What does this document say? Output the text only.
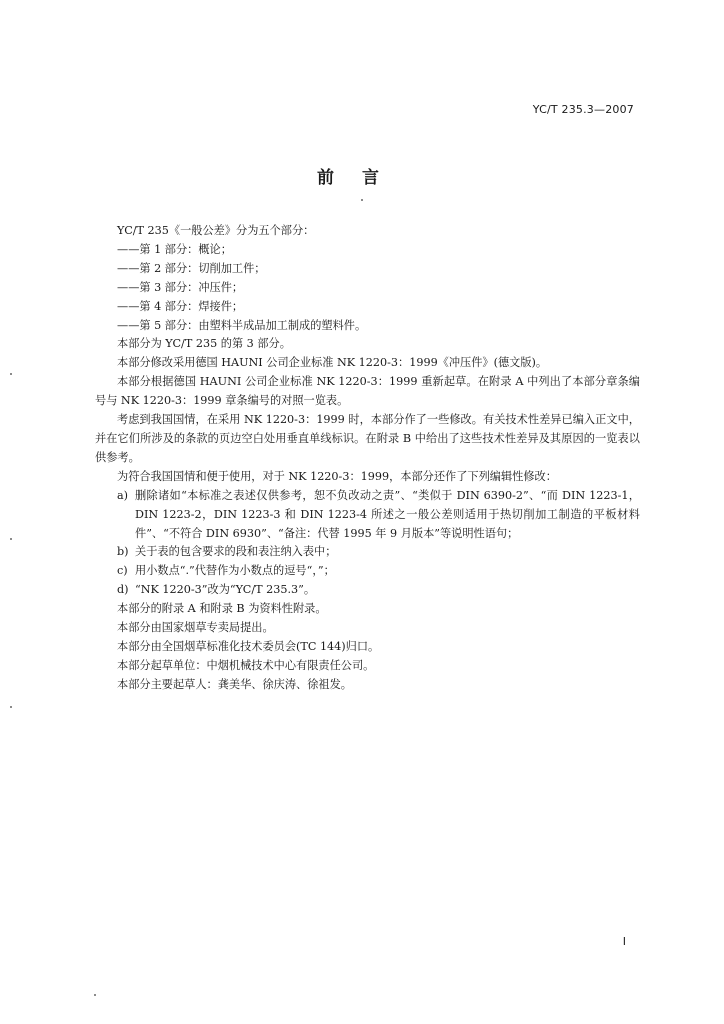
YC/T 235.3—2007
前言

YC/T 235《一般公差》分为五个部分：

——第 1 部分：概论；

——第 2 部分：切削加工件；

——第 3 部分：冲压件；

——第 4 部分：焊接件；

——第 5 部分：由塑料半成品加工制成的塑料件。

本部分为 YC/T 235 的第 3 部分。

本部分修改采用德国 HAUNI 公司企业标准 NK 1220-3：1999《冲压件》(德文版)。

本部分根据德国 HAUNI 公司企业标准 NK 1220-3：1999 重新起草。在附录 A 中列出了本部分章条编号与 NK 1220-3：1999 章条编号的对照一览表。

考虑到我国国情，在采用 NK 1220-3：1999 时，本部分作了一些修改。有关技术性差异已编入正文中，并在它们所涉及的条款的页边空白处用垂直单线标识。在附录 B 中给出了这些技术性差异及其原因的一览表以供参考。

为符合我国国情和便于使用，对于 NK 1220-3：1999，本部分还作了下列编辑性修改：

a) 删除诸如“本标准之表述仅供参考，恕不负改动之责”、“类似于 DIN 6390-2”、“而 DIN 1223-1，DIN 1223-2，DIN 1223-3 和 DIN 1223-4 所述之一般公差则适用于热切削加工制造的平板材料件”、“不符合 DIN 6930”、“备注：代替 1995 年 9 月版本”等说明性语句；
b) 关于表的包含要求的段和表注纳入表中；
c) 用小数点“.”代替作为小数点的逗号“，”；
d) “NK 1220-3”改为“YC/T 235.3”。

本部分的附录 A 和附录 B 为资料性附录。

本部分由国家烟草专卖局提出。

本部分由全国烟草标准化技术委员会(TC 144)归口。

本部分起草单位：中烟机械技术中心有限责任公司。

本部分主要起草人：龚美华、徐庆涛、徐祖发。

I
